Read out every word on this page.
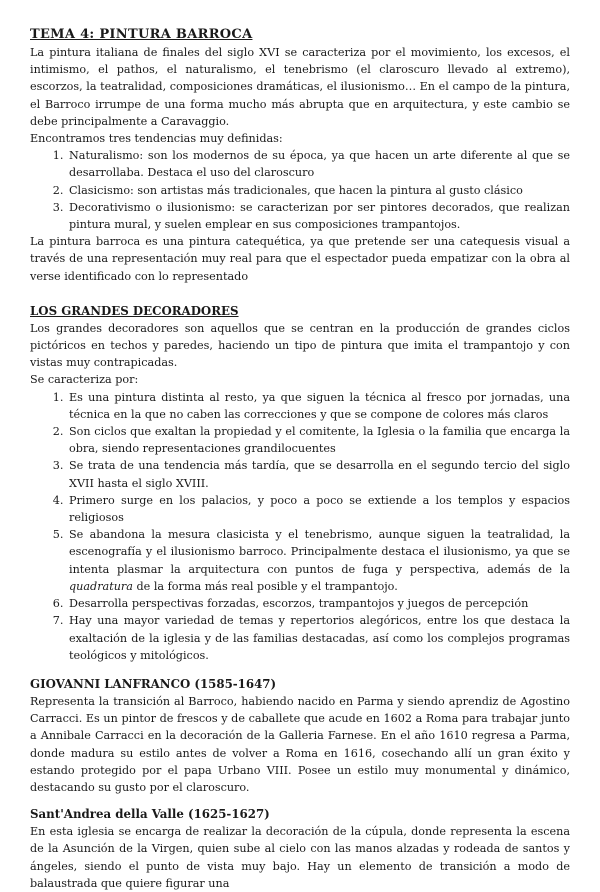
TEMA 4: PINTURA BARROCA

La pintura italiana de finales del siglo XVI se caracteriza por el movimiento, los excesos, el intimismo, el pathos, el naturalismo, el tenebrismo (el claroscuro llevado al extremo), escorzos, la teatralidad, composiciones dramáticas, el ilusionismo… En el campo de la pintura, el Barroco irrumpe de una forma mucho más abrupta que en arquitectura, y este cambio se debe principalmente a Caravaggio.

Encontramos tres tendencias muy definidas:

1. Naturalismo: son los modernos de su época, ya que hacen un arte diferente al que se desarrollaba. Destaca el uso del claroscuro
2. Clasicismo: son artistas más tradicionales, que hacen la pintura al gusto clásico
3. Decorativismo o ilusionismo: se caracterizan por ser pintores decorados, que realizan pintura mural, y suelen emplear en sus composiciones trampantojos.

La pintura barroca es una pintura catequética, ya que pretende ser una catequesis visual a través de una representación muy real para que el espectador pueda empatizar con la obra al verse identificado con lo representado

LOS GRANDES DECORADORES

Los grandes decoradores son aquellos que se centran en la producción de grandes ciclos pictóricos en techos y paredes, haciendo un tipo de pintura que imita el trampantojo y con vistas muy contrapicadas.

Se caracteriza por:

1. Es una pintura distinta al resto, ya que siguen la técnica al fresco por jornadas, una técnica en la que no caben las correcciones y que se compone de colores más claros
2. Son ciclos que exaltan la propiedad y el comitente, la Iglesia o la familia que encarga la obra, siendo representaciones grandilocuentes
3. Se trata de una tendencia más tardía, que se desarrolla en el segundo tercio del siglo XVII hasta el siglo XVIII.
4. Primero surge en los palacios, y poco a poco se extiende a los templos y espacios religiosos
5. Se abandona la mesura clasicista y el tenebrismo, aunque siguen la teatralidad, la escenografía y el ilusionismo barroco. Principalmente destaca el ilusionismo, ya que se intenta plasmar la arquitectura con puntos de fuga y perspectiva, además de la quadratura de la forma más real posible y el trampantojo.
6. Desarrolla perspectivas forzadas, escorzos, trampantojos y juegos de percepción
7. Hay una mayor variedad de temas y repertorios alegóricos, entre los que destaca la exaltación de la iglesia y de las familias destacadas, así como los complejos programas teológicos y mitológicos.
GIOVANNI LANFRANCO (1585-1647)

Representa la transición al Barroco, habiendo nacido en Parma y siendo aprendiz de Agostino Carracci. Es un pintor de frescos y de caballete que acude en 1602 a Roma para trabajar junto a Annibale Carracci en la decoración de la Galleria Farnese. En el año 1610 regresa a Parma, donde madura su estilo antes de volver a Roma en 1616, cosechando allí un gran éxito y estando protegido por el papa Urbano VIII. Posee un estilo muy monumental y dinámico, destacando su gusto por el claroscuro.

Sant'Andrea della Valle (1625-1627)

En esta iglesia se encarga de realizar la decoración de la cúpula, donde representa la escena de la Asunción de la Virgen, quien sube al cielo con las manos alzadas y rodeada de santos y ángeles, siendo el punto de vista muy bajo. Hay un elemento de transición a modo de balaustrada que quiere figurar una
